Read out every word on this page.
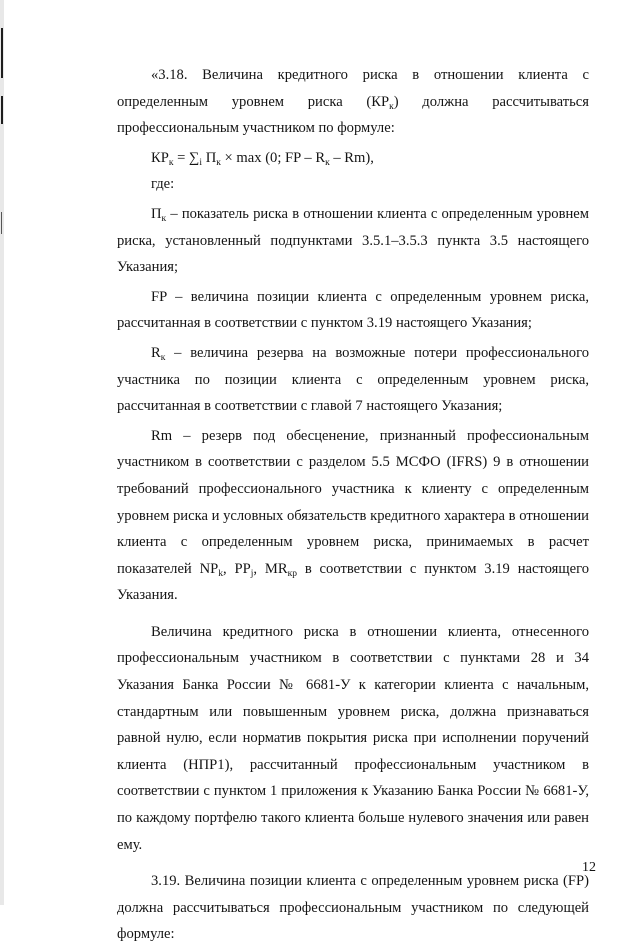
«3.18. Величина кредитного риска в отношении клиента с определенным уровнем риска $(КР_к)$ должна рассчитываться профессиональным участником по формуле:

$КР_к = \sum_i$ $П_к \times \max (0$; FP – $R_к - Rm$),

где:

$П_к$ – показатель риска в отношении клиента с определенным уровнем риска, установленный подпунктами 3.5.1–3.5.3 пункта 3.5 настоящего Указания;

FP – величина позиции клиента с определенным уровнем риска, рассчитанная в соответствии с пунктом 3.19 настоящего Указания;

$R_к$ – величина резерва на возможные потери профессионального участника по позиции клиента с определенным уровнем риска, рассчитанная в соответствии с главой 7 настоящего Указания;

Rm – резерв под обесценение, признанный профессиональным участником в соответствии с разделом 5.5 МСФО (IFRS) 9 в отношении требований профессионального участника к клиенту с определенным уровнем риска и условных обязательств кредитного характера в отношении клиента с определенным уровнем риска, принимаемых в расчет показателей $NP_k$, $PP_j$, $MR_{кр}$ в соответствии с пунктом 3.19 настоящего Указания.

Величина кредитного риска в отношении клиента, отнесенного профессиональным участником в соответствии с пунктами 28 и 34 Указания Банка России № 6681-У к категории клиента с начальным, стандартным или повышенным уровнем риска, должна признаваться равной нулю, если норматив покрытия риска при исполнении поручений клиента (НПР1), рассчитанный профессиональным участником в соответствии с пунктом 1 приложения к Указанию Банка России № 6681-У, по каждому портфелю такого клиента больше нулевого значения или равен ему.

3.19. Величина позиции клиента с определенным уровнем риска (FP) должна рассчитываться профессиональным участником по следующей формуле:

12
